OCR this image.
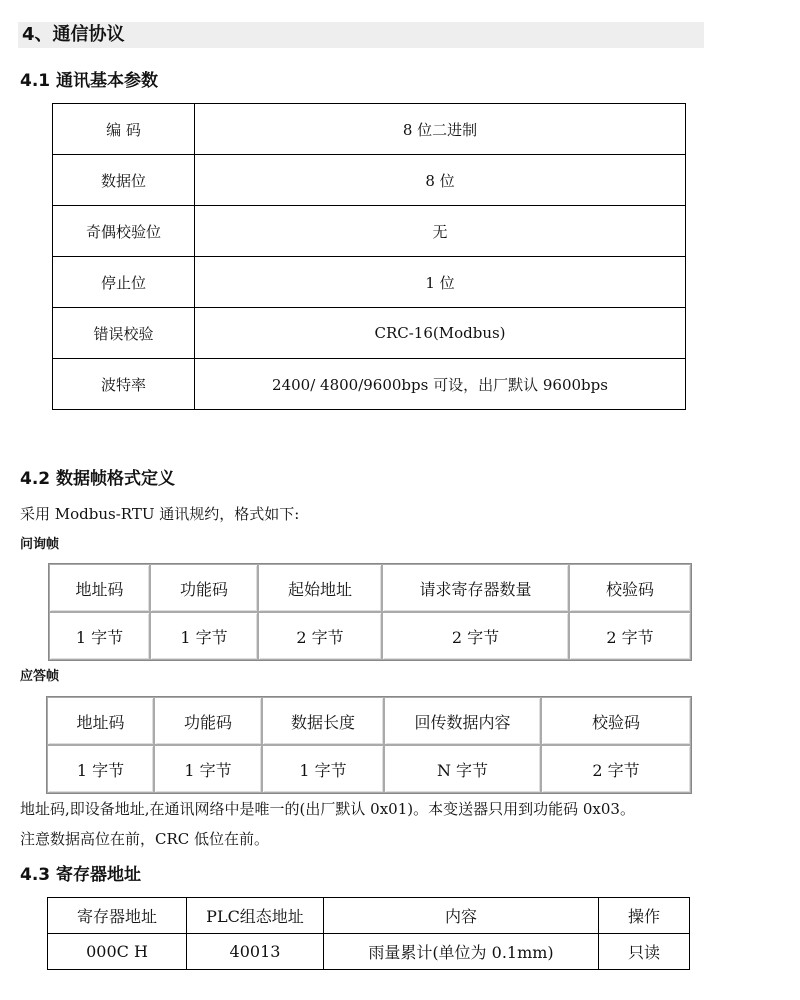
4、通信协议
4.1 通讯基本参数
编 码	8 位二进制
数据位	8 位
奇偶校验位	无
停止位	1 位
错误校验	CRC-16(Modbus)
波特率	2400/ 4800/9600bps 可设，出厂默认 9600bps
4.2 数据帧格式定义
采用 Modbus-RTU 通讯规约，格式如下:
问询帧
地址码	功能码	起始地址	请求寄存器数量	校验码
1 字节	1 字节	2 字节	2 字节	2 字节
应答帧
地址码	功能码	数据长度	回传数据内容	校验码
1 字节	1 字节	1 字节	N 字节	2 字节
地址码,即设备地址,在通讯网络中是唯一的(出厂默认 0x01)。本变送器只用到功能码 0x03。
注意数据高位在前，CRC 低位在前。
4.3 寄存器地址
寄存器地址	PLC组态地址	内容	操作
000C H	40013	雨量累计(单位为 0.1mm)	只读
